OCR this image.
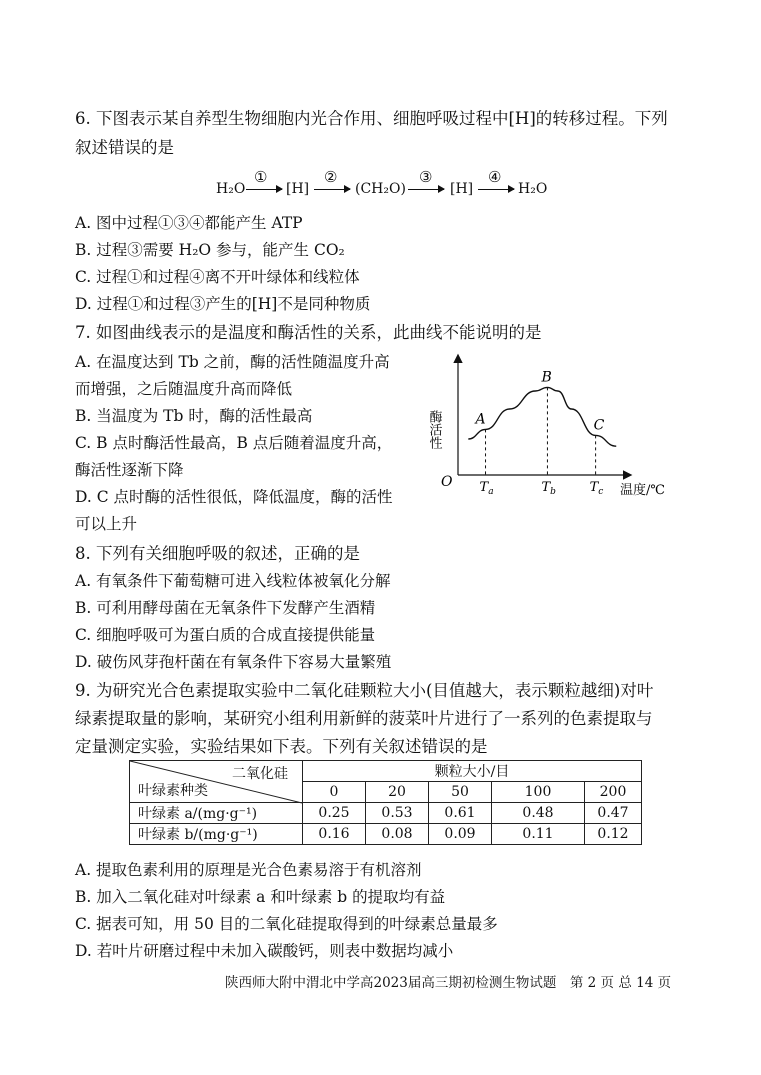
6. 下图表示某自养型生物细胞内光合作用、细胞呼吸过程中[H]的转移过程。下列
叙述错误的是
H₂O
①
[H]
②
(CH₂O)
③
[H]
④
H₂O
A. 图中过程①③④都能产生 ATP
B. 过程③需要 H₂O 参与，能产生 CO₂
C. 过程①和过程④离不开叶绿体和线粒体
D. 过程①和过程③产生的[H]不是同种物质
7. 如图曲线表示的是温度和酶活性的关系，此曲线不能说明的是
A. 在温度达到 Tb 之前，酶的活性随温度升高
而增强，之后随温度升高而降低
B. 当温度为 Tb 时，酶的活性最高
C. B 点时酶活性最高，B 点后随着温度升高，
酶活性逐渐下降
D. C 点时酶的活性很低，降低温度，酶的活性
可以上升
A
B
C
$T_a$	$T_b$	$T_c$
酶活性
O
温度/℃
8. 下列有关细胞呼吸的叙述，正确的是
A. 有氧条件下葡萄糖可进入线粒体被氧化分解
B. 可利用酵母菌在无氧条件下发酵产生酒精
C. 细胞呼吸可为蛋白质的合成直接提供能量
D. 破伤风芽孢杆菌在有氧条件下容易大量繁殖
9. 为研究光合色素提取实验中二氧化硅颗粒大小(目值越大，表示颗粒越细)对叶
绿素提取量的影响，某研究小组利用新鲜的菠菜叶片进行了一系列的色素提取与
定量测定实验，实验结果如下表。下列有关叙述错误的是
二氧化硅
叶绿素种类	颗粒大小/目				
	0	20	50	100	200
叶绿素 a/(mg·g⁻¹)	0.25	0.53	0.61	0.48	0.47
叶绿素 b/(mg·g⁻¹)	0.16	0.08	0.09	0.11	0.12
A. 提取色素利用的原理是光合色素易溶于有机溶剂
B. 加入二氧化硅对叶绿素 a 和叶绿素 b 的提取均有益
C. 据表可知，用 50 目的二氧化硅提取得到的叶绿素总量最多
D. 若叶片研磨过程中未加入碳酸钙，则表中数据均减小
陕西师大附中渭北中学高2023届高三期初检测生物试题　第 2 页 总 14 页
